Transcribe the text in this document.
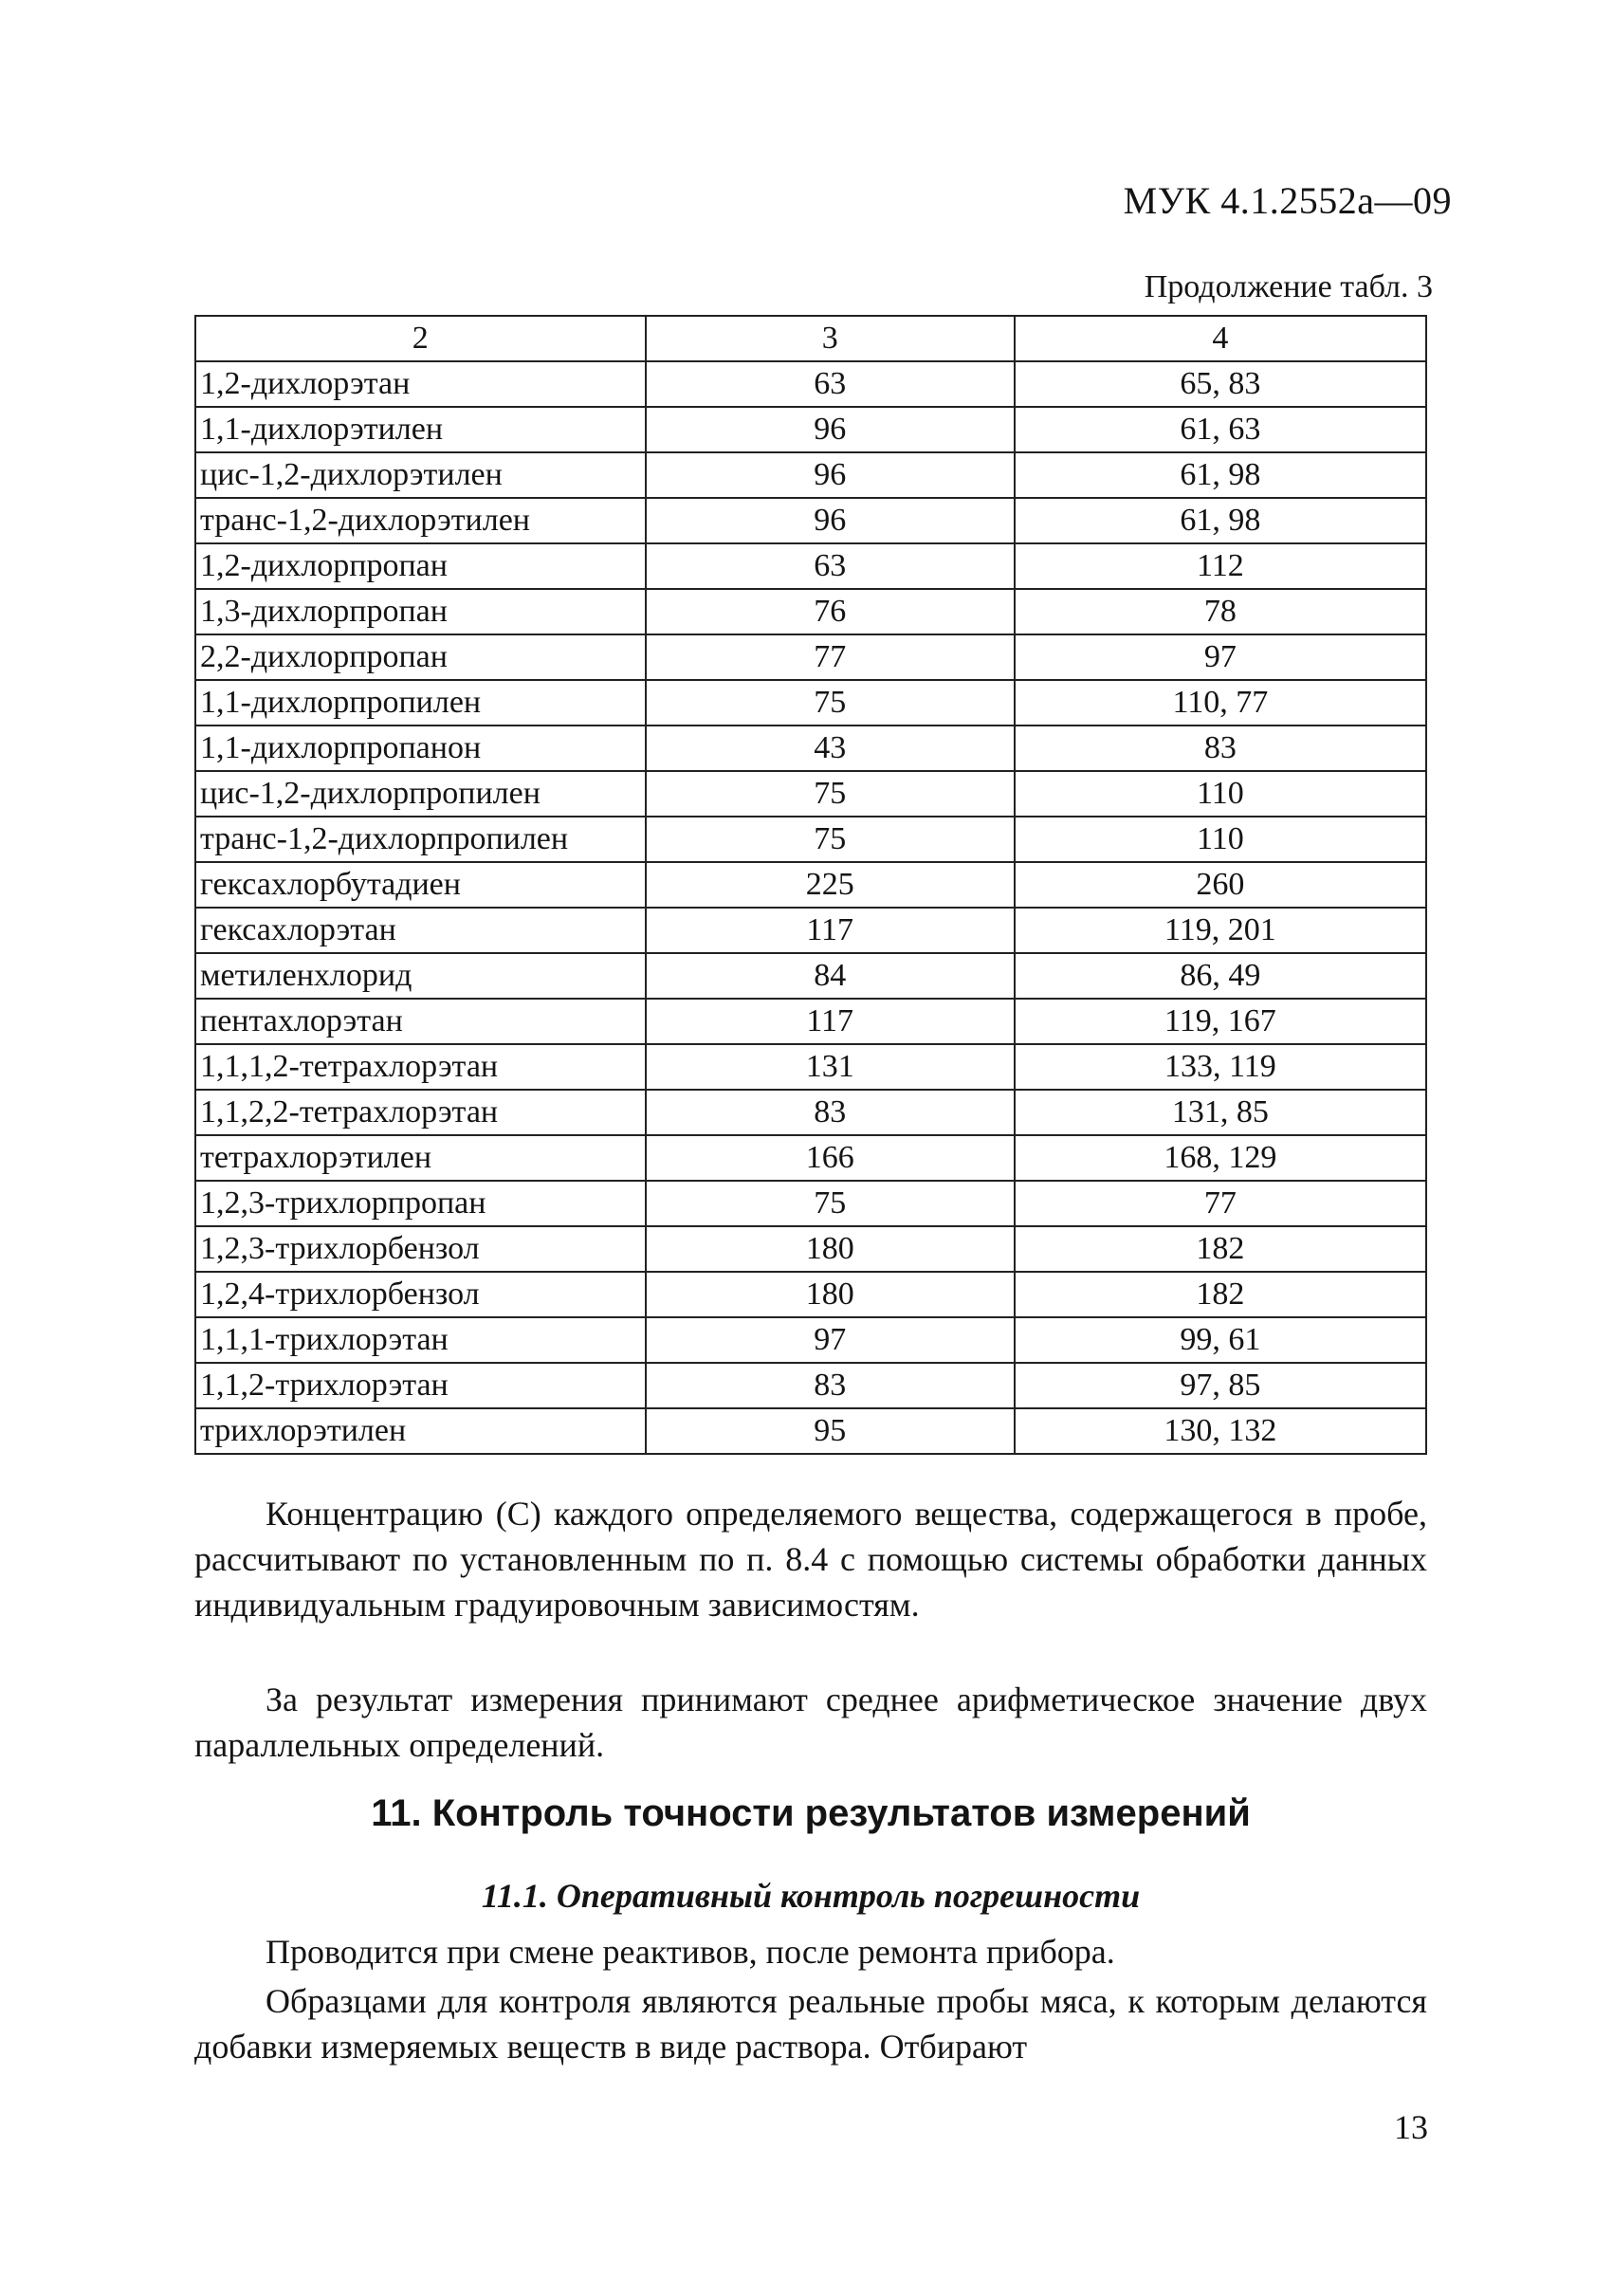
МУК 4.1.2552а—09
Продолжение табл. 3
2	3	4
1,2-дихлорэтан	63	65, 83
1,1-дихлорэтилен	96	61, 63
цис-1,2-дихлорэтилен	96	61, 98
транс-1,2-дихлорэтилен	96	61, 98
1,2-дихлорпропан	63	112
1,3-дихлорпропан	76	78
2,2-дихлорпропан	77	97
1,1-дихлорпропилен	75	110, 77
1,1-дихлорпропанон	43	83
цис-1,2-дихлорпропилен	75	110
транс-1,2-дихлорпропилен	75	110
гексахлорбутадиен	225	260
гексахлорэтан	117	119, 201
метиленхлорид	84	86, 49
пентахлорэтан	117	119, 167
1,1,1,2-тетрахлорэтан	131	133, 119
1,1,2,2-тетрахлорэтан	83	131, 85
тетрахлорэтилен	166	168, 129
1,2,3-трихлорпропан	75	77
1,2,3-трихлорбензол	180	182
1,2,4-трихлорбензол	180	182
1,1,1-трихлорэтан	97	99, 61
1,1,2-трихлорэтан	83	97, 85
трихлорэтилен	95	130, 132
Концентрацию (С) каждого определяемого вещества, содержащегося в пробе, рассчитывают по установленным по п. 8.4 с помощью системы обработки данных индивидуальным градуировочным зависимостям.
За результат измерения принимают среднее арифметическое значение двух параллельных определений.
11. Контроль точности результатов измерений
11.1. Оперативный контроль погрешности
Проводится при смене реактивов, после ремонта прибора.
Образцами для контроля являются реальные пробы мяса, к которым делаются добавки измеряемых веществ в виде раствора. Отбирают
13
